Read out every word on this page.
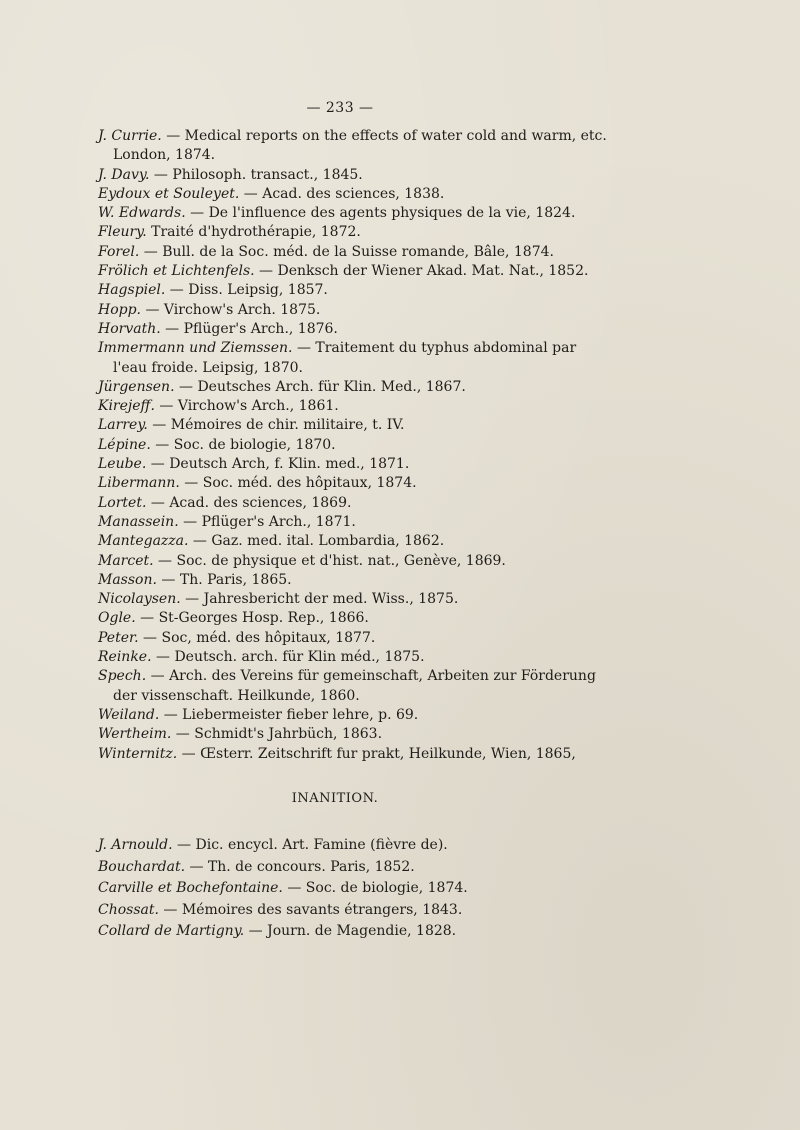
— 233 —
J. Currie. — Medical reports on the effects of water cold and warm, etc.
London, 1874.
J. Davy. — Philosoph. transact., 1845.
Eydoux et Souleyet. — Acad. des sciences, 1838.
W. Edwards. — De l'influence des agents physiques de la vie, 1824.
Fleury. Traité d'hydrothérapie, 1872.
Forel. — Bull. de la Soc. méd. de la Suisse romande, Bâle, 1874.
Frölich et Lichtenfels. — Denksch der Wiener Akad. Mat. Nat., 1852.
Hagspiel. — Diss. Leipsig, 1857.
Hopp. — Virchow's Arch. 1875.
Horvath. — Pflüger's Arch., 1876.
Immermann und Ziemssen. — Traitement du typhus abdominal par
l'eau froide. Leipsig, 1870.
Jürgensen. — Deutsches Arch. für Klin. Med., 1867.
Kirejeff. — Virchow's Arch., 1861.
Larrey. — Mémoires de chir. militaire, t. IV.
Lépine. — Soc. de biologie, 1870.
Leube. — Deutsch Arch, f. Klin. med., 1871.
Libermann. — Soc. méd. des hôpitaux, 1874.
Lortet. — Acad. des sciences, 1869.
Manassein. — Pflüger's Arch., 1871.
Mantegazza. — Gaz. med. ital. Lombardia, 1862.
Marcet. — Soc. de physique et d'hist. nat., Genève, 1869.
Masson. — Th. Paris, 1865.
Nicolaysen. — Jahresbericht der med. Wiss., 1875.
Ogle. — St-Georges Hosp. Rep., 1866.
Peter. — Soc, méd. des hôpitaux, 1877.
Reinke. — Deutsch. arch. für Klin méd., 1875.
Spech. — Arch. des Vereins für gemeinschaft, Arbeiten zur Förderung
der vissenschaft. Heilkunde, 1860.
Weiland. — Liebermeister fieber lehre, p. 69.
Wertheim. — Schmidt's Jahrbüch, 1863.
Winternitz. — Œsterr. Zeitschrift fur prakt, Heilkunde, Wien, 1865,
INANITION.
J. Arnould. — Dic. encycl. Art. Famine (fièvre de).
Bouchardat. — Th. de concours. Paris, 1852.
Carville et Bochefontaine. — Soc. de biologie, 1874.
Chossat. — Mémoires des savants étrangers, 1843.
Collard de Martigny. — Journ. de Magendie, 1828.
